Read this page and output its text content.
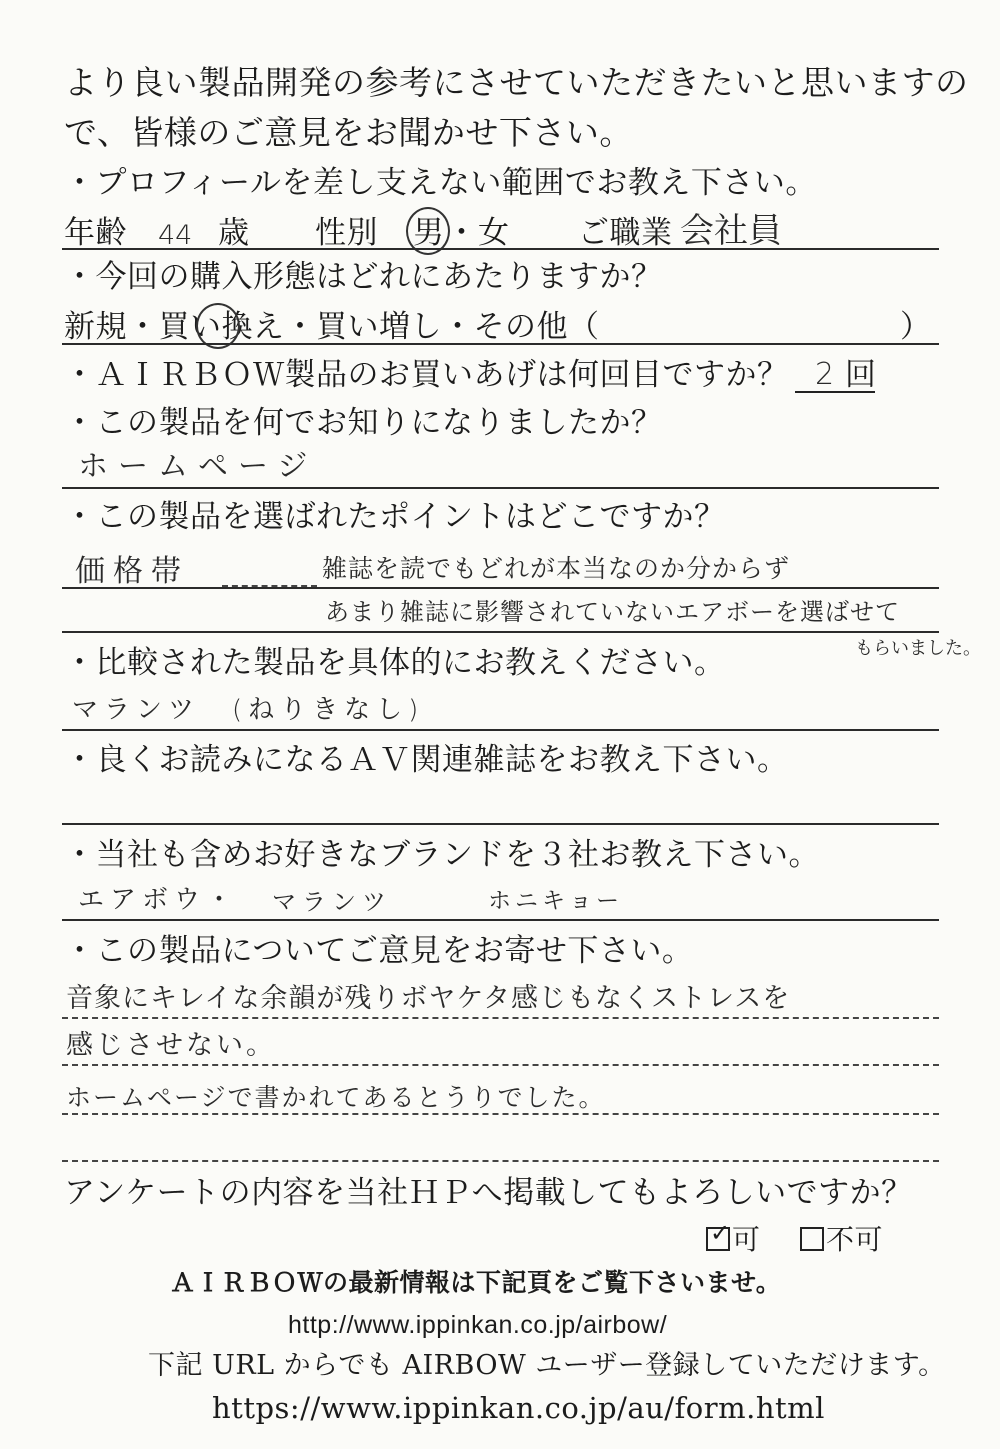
より良い製品開発の参考にさせていただきたいと思いますの
で、皆様のご意見をお聞かせ下さい。
・プロフィールを差し支えない範囲でお教え下さい。
年齢 44 歳 性別 男 ・ 女 ご職業 会社員
・今回の購入形態はどれにあたりますか？
新規・買い換え・買い増し・その他（	）
・ＡＩＲＢＯＷ製品のお買いあげは何回目ですか？ 2 回
・この製品を何でお知りになりましたか？
ホームページ
・この製品を選ばれたポイントはどこですか？
価格帯	雑誌を読でもどれが本当なのか分からず
あまり雑誌に影響されていないエアボーを選ばせて
もらいました。
・比較された製品を具体的にお教えください。
マランツ　(ねりきなし)
・良くお読みになるＡＶ関連雑誌をお教え下さい。
・当社も含めお好きなブランドを３社お教え下さい。
エアボウ・ マランツ	ホニキョー
・この製品についてご意見をお寄せ下さい。
音象にキレイな余韻が残りボヤケタ感じもなくストレスを
感じさせない。
ホームページで書かれてあるとうりでした。
アンケートの内容を当社ＨＰへ掲載してもよろしいですか？
✓ 可	不可
ＡＩＲＢＯＷの最新情報は下記頁をご覧下さいませ。
http://www.ippinkan.co.jp/airbow/
下記 URL からでも AIRBOW ユーザー登録していただけます。
https://www.ippinkan.co.jp/au/form.html
